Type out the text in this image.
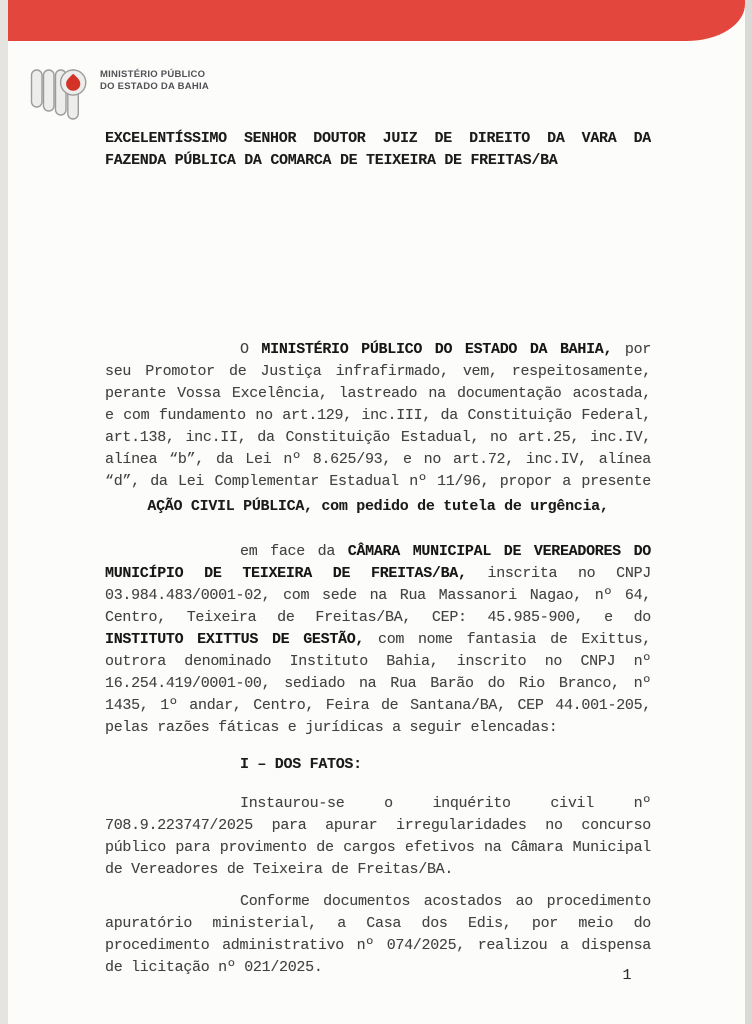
MINISTÉRIO PÚBLICO
DO ESTADO DA BAHIA
EXCELENTÍSSIMO SENHOR DOUTOR JUIZ DE DIREITO DA VARA DA
FAZENDA PÚBLICA DA COMARCA DE TEIXEIRA DE FREITAS/BA
O MINISTÉRIO PÚBLICO DO ESTADO DA BAHIA, por
seu Promotor de Justiça infrafirmado, vem, respeitosamente,
perante Vossa Excelência, lastreado na documentação acostada,
e com fundamento no art.129, inc.III, da Constituição Federal,
art.138, inc.II, da Constituição Estadual, no art.25, inc.IV,
alínea “b”, da Lei nº 8.625/93, e no art.72, inc.IV, alínea
“d”, da Lei Complementar Estadual nº 11/96, propor a presente
AÇÃO CIVIL PÚBLICA, com pedido de tutela de urgência,
em face da CÂMARA MUNICIPAL DE VEREADORES DO
MUNICÍPIO DE TEIXEIRA DE FREITAS/BA, inscrita no CNPJ
03.984.483/0001-02, com sede na Rua Massanori Nagao, nº 64,
Centro, Teixeira de Freitas/BA, CEP: 45.985-900, e do
INSTITUTO EXITTUS DE GESTÃO, com nome fantasia de Exittus,
outrora denominado Instituto Bahia, inscrito no CNPJ nº
16.254.419/0001-00, sediado na Rua Barão do Rio Branco, nº
1435, 1º andar, Centro, Feira de Santana/BA, CEP 44.001-205,
pelas razões fáticas e jurídicas a seguir elencadas:
I – DOS FATOS:
Instaurou-se o inquérito civil nº
708.9.223747/2025 para apurar irregularidades no concurso
público para provimento de cargos efetivos na Câmara Municipal
de Vereadores de Teixeira de Freitas/BA.
Conforme documentos acostados ao procedimento
apuratório ministerial, a Casa dos Edis, por meio do
procedimento administrativo nº 074/2025, realizou a dispensa
de licitação nº 021/2025.	1
